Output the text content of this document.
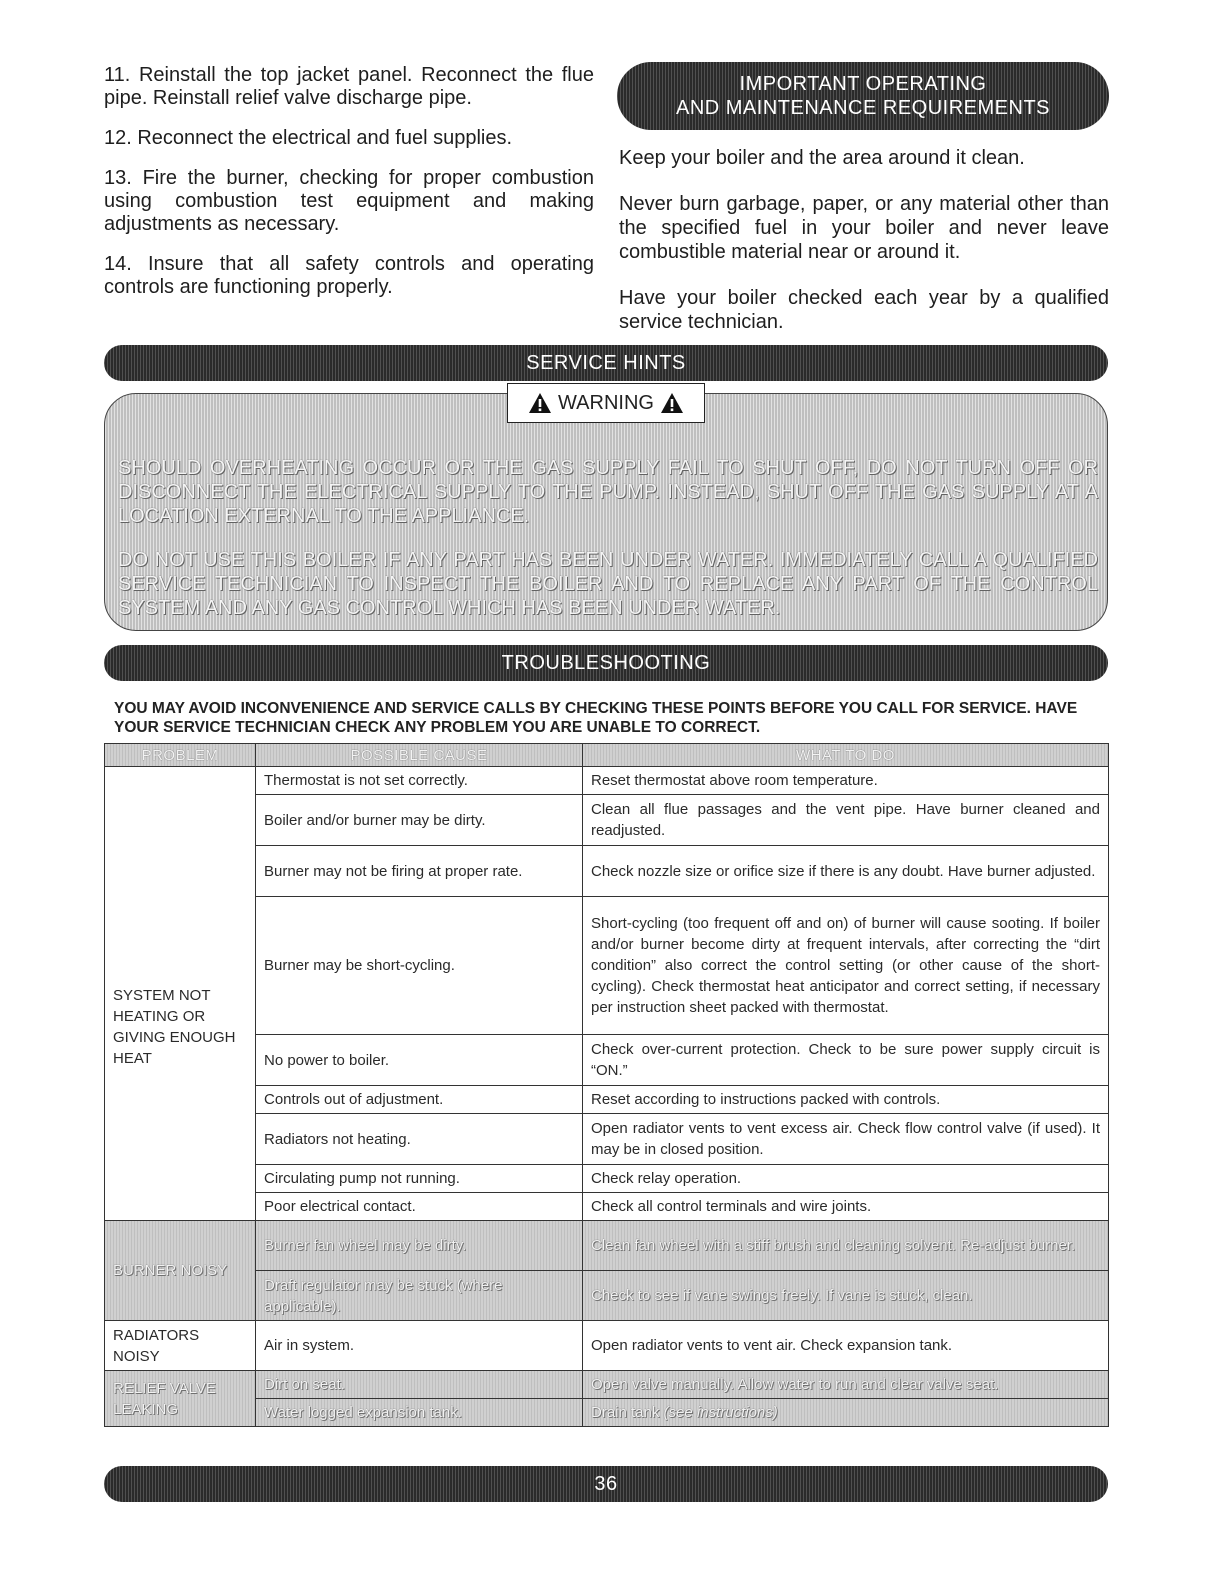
11. Reinstall the top jacket panel. Reconnect the flue pipe. Reinstall relief valve discharge pipe.

12. Reconnect the electrical and fuel supplies.

13. Fire the burner, checking for proper combustion using combustion test equipment and making adjustments as necessary.

14. Insure that all safety controls and operating controls are functioning properly.

IMPORTANT OPERATING
AND MAINTENANCE REQUIREMENTS

Keep your boiler and the area around it clean.

Never burn garbage, paper, or any material other than the specified fuel in your boiler and never leave combustible material near or around it.

Have your boiler checked each year by a qualified service technician.

SERVICE HINTS
WARNING
SHOULD OVERHEATING OCCUR OR THE GAS SUPPLY FAIL TO SHUT OFF, DO NOT TURN OFF OR DISCONNECT THE ELECTRICAL SUPPLY TO THE PUMP. INSTEAD, SHUT OFF THE GAS SUPPLY AT A LOCATION EXTERNAL TO THE APPLIANCE.
DO NOT USE THIS BOILER IF ANY PART HAS BEEN UNDER WATER. IMMEDIATELY CALL A QUALIFIED SERVICE TECHNICIAN TO INSPECT THE BOILER AND TO REPLACE ANY PART OF THE CONTROL SYSTEM AND ANY GAS CONTROL WHICH HAS BEEN UNDER WATER.
TROUBLESHOOTING
YOU MAY AVOID INCONVENIENCE AND SERVICE CALLS BY CHECKING THESE POINTS BEFORE YOU CALL FOR SERVICE. HAVE YOUR SERVICE TECHNICIAN CHECK ANY PROBLEM YOU ARE UNABLE TO CORRECT.
PROBLEM	POSSIBLE CAUSE	WHAT TO DO
SYSTEM NOT HEATING OR GIVING ENOUGH HEAT	Thermostat is not set correctly.	Reset thermostat above room temperature.
	Boiler and/or burner may be dirty.	Clean all flue passages and the vent pipe. Have burner cleaned and readjusted.
	Burner may not be firing at proper rate.	Check nozzle size or orifice size if there is any doubt. Have burner adjusted.
	Burner may be short-cycling.	Short-cycling (too frequent off and on) of burner will cause sooting. If boiler and/or burner become dirty at frequent intervals, after correcting the “dirt condition” also correct the control setting (or other cause of the short-cycling). Check thermostat heat anticipator and correct setting, if necessary per instruction sheet packed with thermostat.
	No power to boiler.	Check over-current protection. Check to be sure power supply circuit is “ON.”
	Controls out of adjustment.	Reset according to instructions packed with controls.
	Radiators not heating.	Open radiator vents to vent excess air. Check flow control valve (if used). It may be in closed position.
	Circulating pump not running.	Check relay operation.
	Poor electrical contact.	Check all control terminals and wire joints.
BURNER NOISY	Burner fan wheel may be dirty.	Clean fan wheel with a stiff brush and cleaning solvent. Re-adjust burner.
	Draft regulator may be stuck (where applicable).	Check to see if vane swings freely. If vane is stuck, clean.
RADIATORS NOISY	Air in system.	Open radiator vents to vent air. Check expansion tank.
RELIEF VALVE LEAKING	Dirt on seat.	Open valve manually. Allow water to run and clear valve seat.
	Water logged expansion tank.	Drain tank (see instructions)
36
